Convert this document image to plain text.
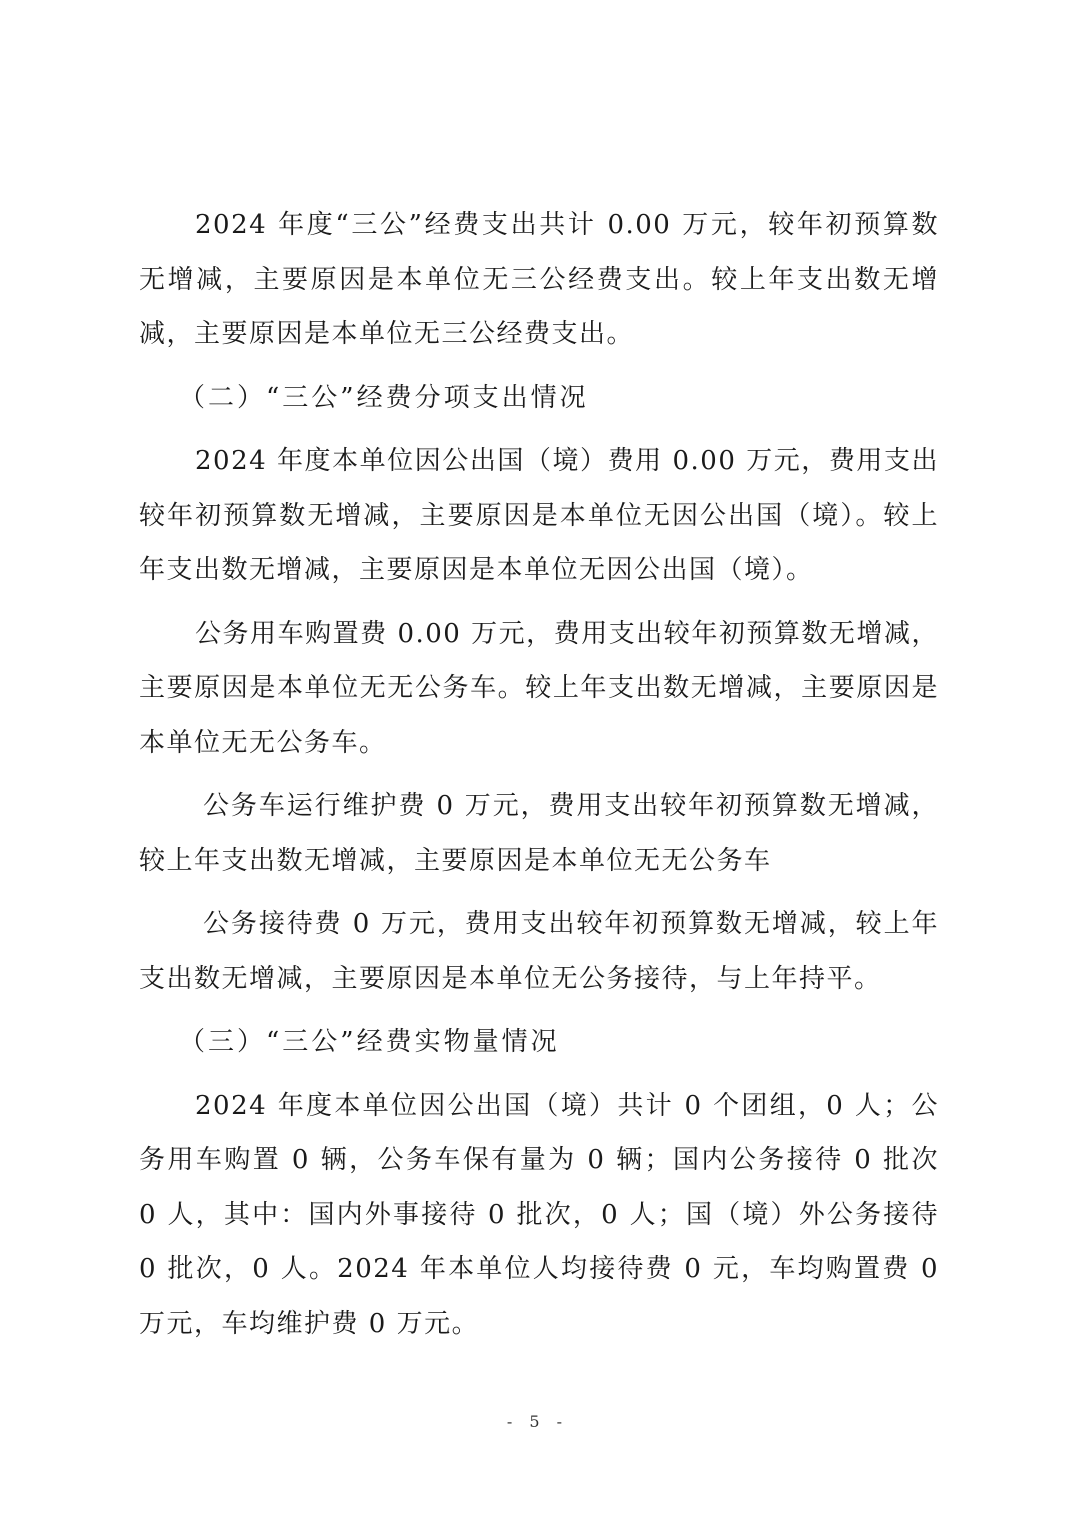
2024 年度“三公”经费支出共计 0.00 万元，较年初预算数无增减，主要原因是本单位无三公经费支出。较上年支出数无增减，主要原因是本单位无三公经费支出。

（二）“三公”经费分项支出情况

2024 年度本单位因公出国（境）费用 0.00 万元，费用支出较年初预算数无增减，主要原因是本单位无因公出国（境）。较上年支出数无增减，主要原因是本单位无因公出国（境）。

公务用车购置费 0.00 万元，费用支出较年初预算数无增减，主要原因是本单位无无公务车。较上年支出数无增减，主要原因是本单位无无公务车。

公务车运行维护费 0 万元，费用支出较年初预算数无增减，较上年支出数无增减，主要原因是本单位无无公务车

公务接待费 0 万元，费用支出较年初预算数无增减，较上年支出数无增减，主要原因是本单位无公务接待，与上年持平。

（三）“三公”经费实物量情况

2024 年度本单位因公出国（境）共计 0 个团组，0 人；公务用车购置 0 辆，公务车保有量为 0 辆；国内公务接待 0 批次 0 人，其中：国内外事接待 0 批次，0 人；国（境）外公务接待 0 批次，0 人。2024 年本单位人均接待费 0 元，车均购置费 0 万元，车均维护费 0 万元。

- 5 -
